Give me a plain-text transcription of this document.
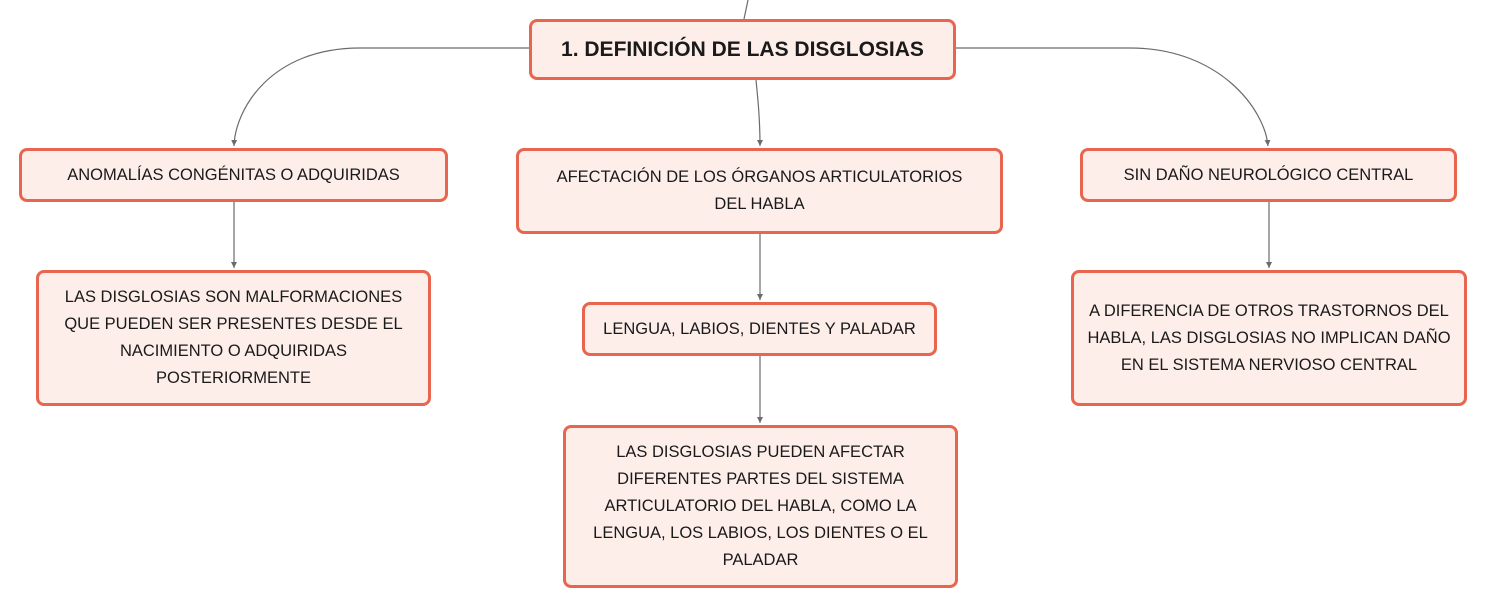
1. DEFINICIÓN DE LAS DISGLOSIAS
ANOMALÍAS CONGÉNITAS O ADQUIRIDAS	AFECTACIÓN DE LOS ÓRGANOS ARTICULATORIOS DEL HABLA
SIN DAÑO NEUROLÓGICO CENTRAL
LAS DISGLOSIAS SON MALFORMACIONES QUE PUEDEN SER PRESENTES DESDE EL NACIMIENTO O ADQUIRIDAS POSTERIORMENTE
LENGUA, LABIOS, DIENTES Y PALADAR
LAS DISGLOSIAS PUEDEN AFECTAR DIFERENTES PARTES DEL SISTEMA ARTICULATORIO DEL HABLA, COMO LA LENGUA, LOS LABIOS, LOS DIENTES O EL PALADAR
A DIFERENCIA DE OTROS TRASTORNOS DEL HABLA, LAS DISGLOSIAS NO IMPLICAN DAÑO EN EL SISTEMA NERVIOSO CENTRAL
